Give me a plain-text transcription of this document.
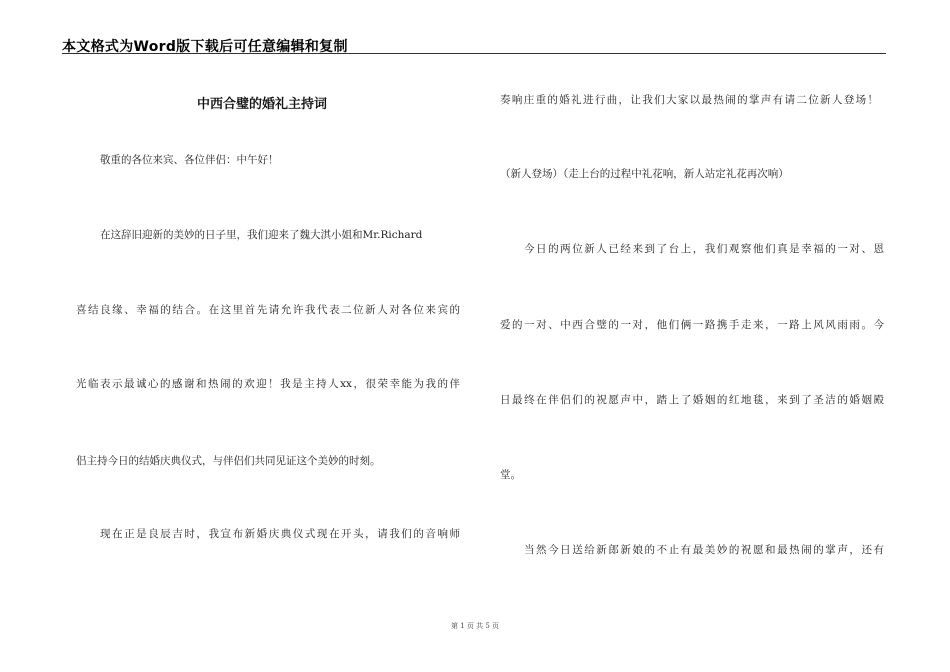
本文格式为Word版下载后可任意编辑和复制
中西合璧的婚礼主持词
敬重的各位来宾、各位伴侣：中午好！
在这辞旧迎新的美妙的日子里，我们迎来了魏大淇小姐和Mr.Richard
喜结良缘、幸福的结合。在这里首先请允许我代表二位新人对各位来宾的
光临表示最诚心的感谢和热闹的欢迎！我是主持人xx，很荣幸能为我的伴
侣主持今日的结婚庆典仪式，与伴侣们共同见证这个美妙的时刻。
现在正是良辰吉时，我宣布新婚庆典仪式现在开头，请我们的音响师
奏响庄重的婚礼进行曲，让我们大家以最热闹的掌声有请二位新人登场！
（新人登场）（走上台的过程中礼花响，新人站定礼花再次响）
今日的两位新人已经来到了台上，我们观察他们真是幸福的一对、恩
爱的一对、中西合璧的一对，他们俩一路携手走来，一路上风风雨雨。今
日最终在伴侣们的祝愿声中，踏上了婚姻的红地毯，来到了圣洁的婚姻殿
堂。
当然今日送给新郎新娘的不止有最美妙的祝愿和最热闹的掌声，还有
第 1 页 共 5 页
